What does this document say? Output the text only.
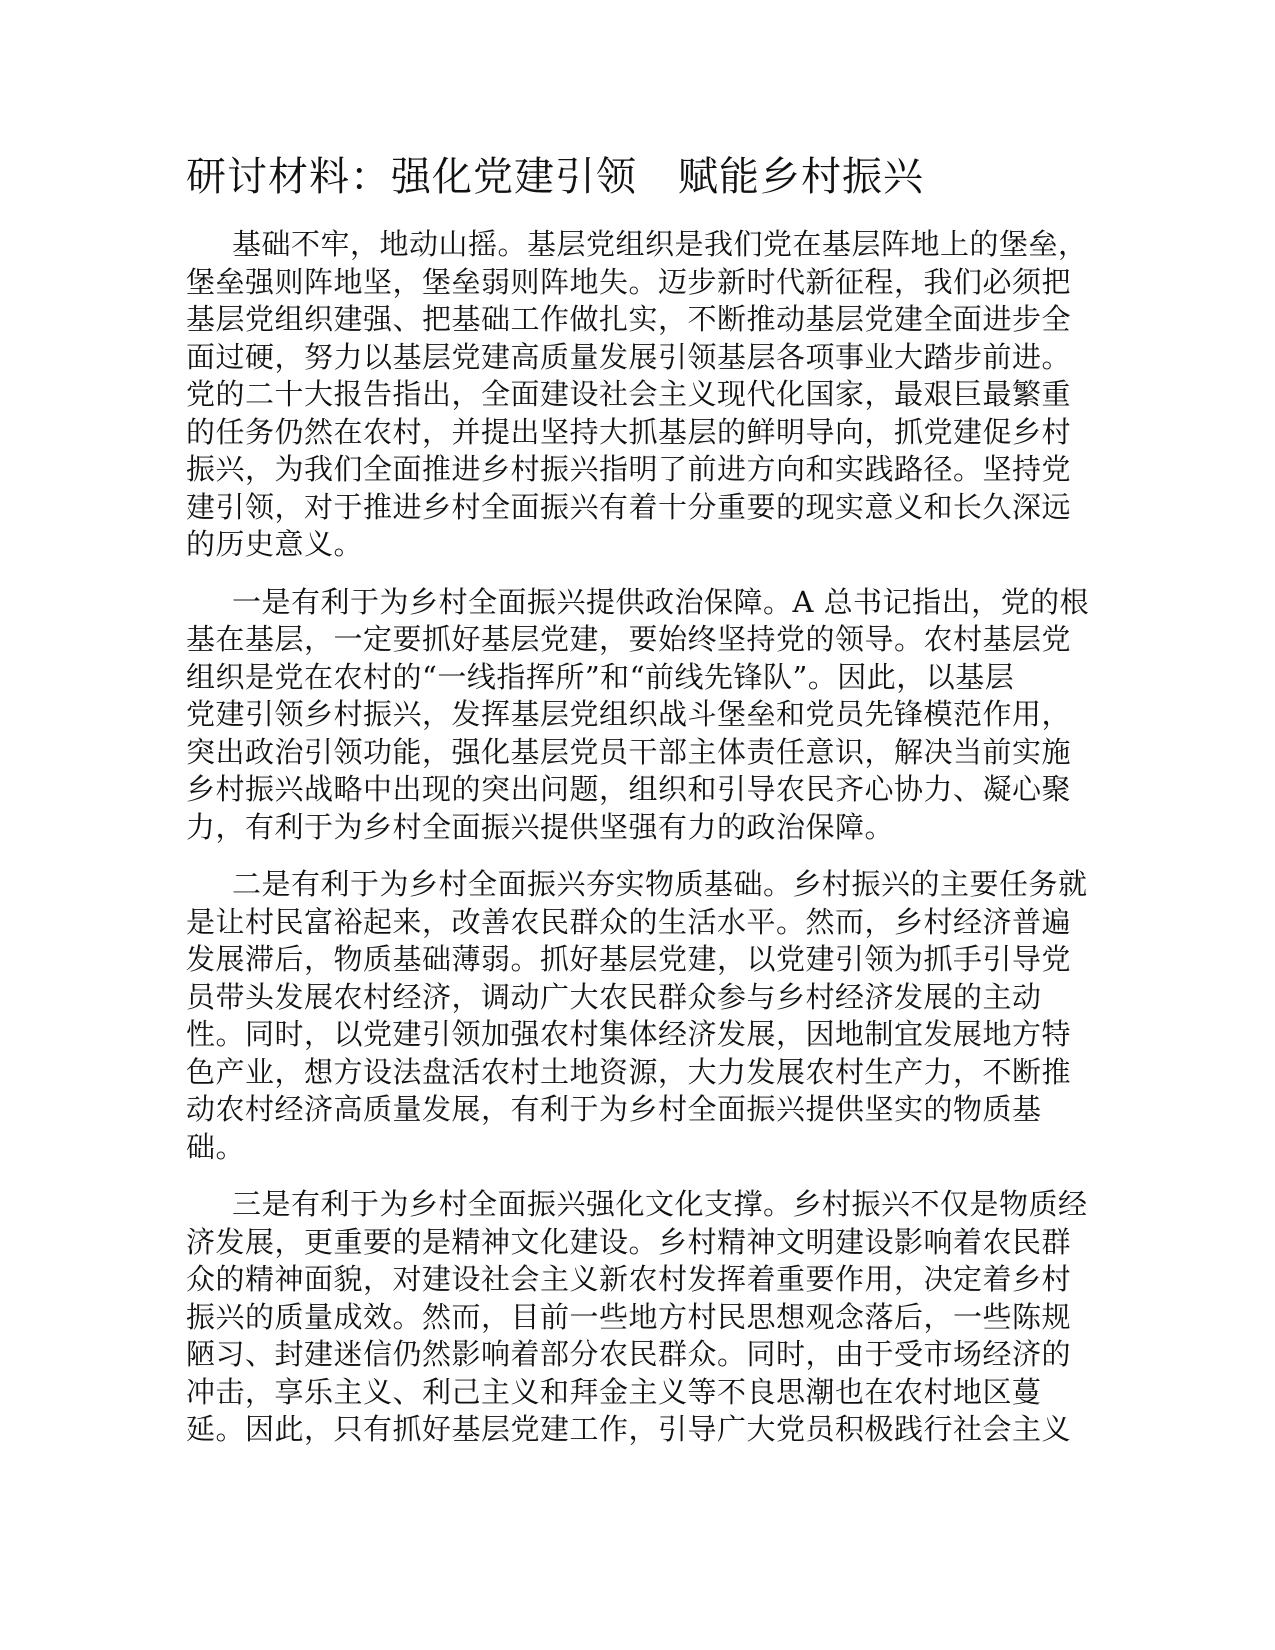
研讨材料：强化党建引领　赋能乡村振兴
基础不牢，地动山摇。基层党组织是我们党在基层阵地上的堡垒，
堡垒强则阵地坚，堡垒弱则阵地失。迈步新时代新征程，我们必须把
基层党组织建强、把基础工作做扎实，不断推动基层党建全面进步全
面过硬，努力以基层党建高质量发展引领基层各项事业大踏步前进。
党的二十大报告指出，全面建设社会主义现代化国家，最艰巨最繁重
的任务仍然在农村，并提出坚持大抓基层的鲜明导向，抓党建促乡村
振兴，为我们全面推进乡村振兴指明了前进方向和实践路径。坚持党
建引领，对于推进乡村全面振兴有着十分重要的现实意义和长久深远
的历史意义。
一是有利于为乡村全面振兴提供政治保障。A 总书记指出，党的根
基在基层，一定要抓好基层党建，要始终坚持党的领导。农村基层党
组织是党在农村的“一线指挥所”和“前线先锋队”。因此，以基层
党建引领乡村振兴，发挥基层党组织战斗堡垒和党员先锋模范作用，
突出政治引领功能，强化基层党员干部主体责任意识，解决当前实施
乡村振兴战略中出现的突出问题，组织和引导农民齐心协力、凝心聚
力，有利于为乡村全面振兴提供坚强有力的政治保障。
二是有利于为乡村全面振兴夯实物质基础。乡村振兴的主要任务就
是让村民富裕起来，改善农民群众的生活水平。然而，乡村经济普遍
发展滞后，物质基础薄弱。抓好基层党建，以党建引领为抓手引导党
员带头发展农村经济，调动广大农民群众参与乡村经济发展的主动
性。同时，以党建引领加强农村集体经济发展，因地制宜发展地方特
色产业，想方设法盘活农村土地资源，大力发展农村生产力，不断推
动农村经济高质量发展，有利于为乡村全面振兴提供坚实的物质基
础。
三是有利于为乡村全面振兴强化文化支撑。乡村振兴不仅是物质经
济发展，更重要的是精神文化建设。乡村精神文明建设影响着农民群
众的精神面貌，对建设社会主义新农村发挥着重要作用，决定着乡村
振兴的质量成效。然而，目前一些地方村民思想观念落后，一些陈规
陋习、封建迷信仍然影响着部分农民群众。同时，由于受市场经济的
冲击，享乐主义、利己主义和拜金主义等不良思潮也在农村地区蔓
延。因此，只有抓好基层党建工作，引导广大党员积极践行社会主义
